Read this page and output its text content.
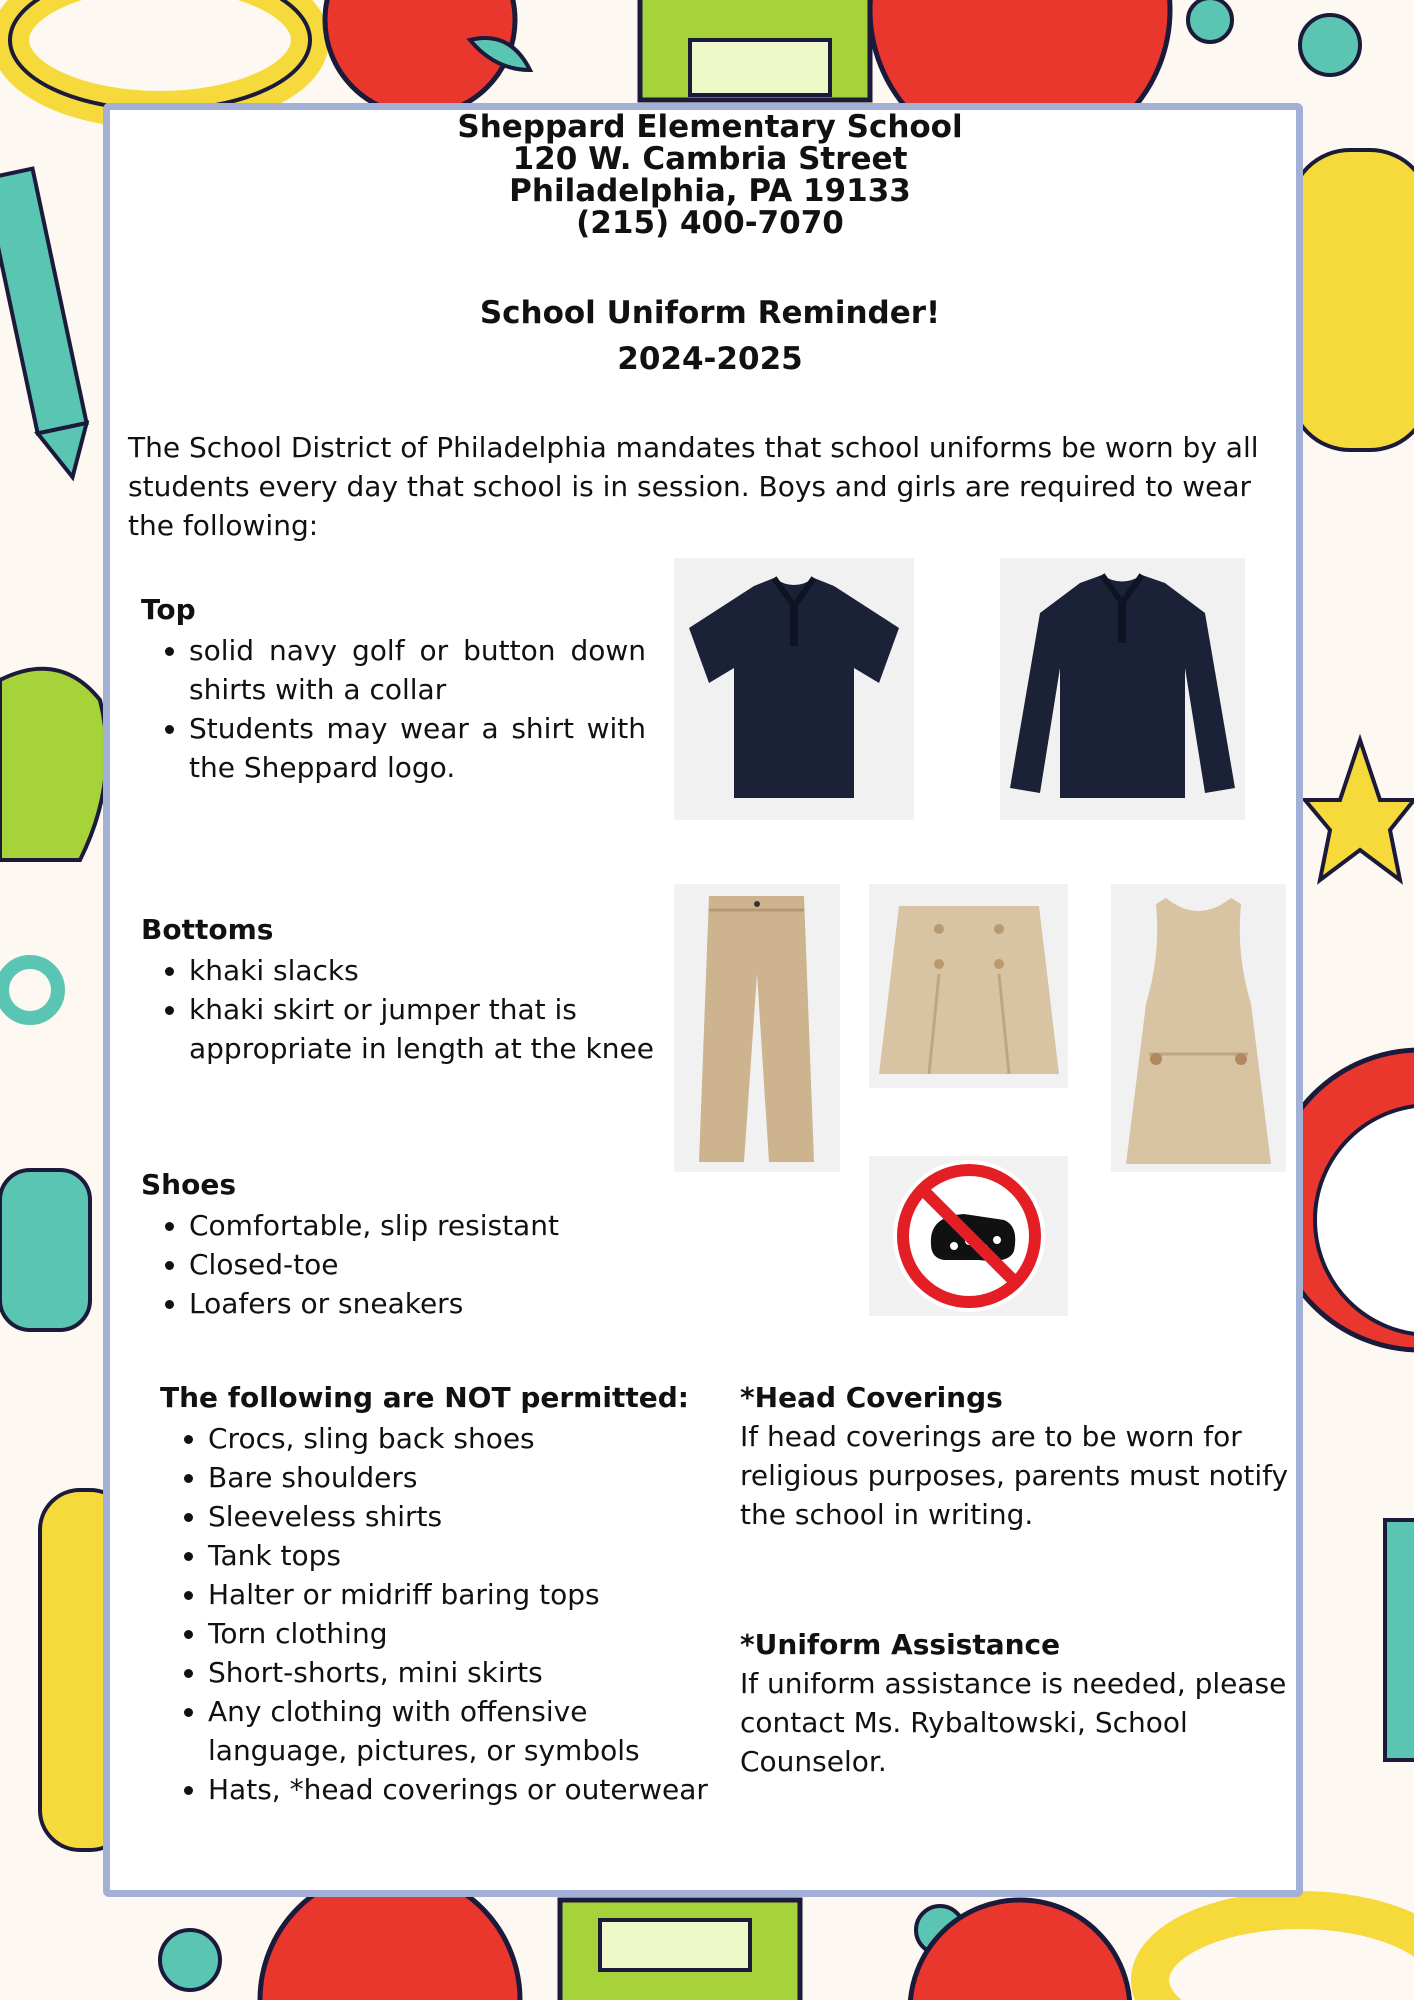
Sheppard Elementary School
120 W. Cambria Street
Philadelphia, PA 19133
(215) 400-7070
School Uniform Reminder!
2024-2025
The School District of Philadelphia mandates that school uniforms be worn by all students every day that school is in session. Boys and girls are required to wear the following:
Top
• solid navy golf or button down shirts with a collar
• Students may wear a shirt with the Sheppard logo.
Bottoms
• khaki slacks
• khaki skirt or jumper that is appropriate in length at the knee
Shoes
• Comfortable, slip resistant
• Closed-toe
• Loafers or sneakers
The following are NOT permitted:
• Crocs, sling back shoes
• Bare shoulders
• Sleeveless shirts
• Tank tops
• Halter or midriff baring tops
• Torn clothing
• Short-shorts, mini skirts
• Any clothing with offensive language, pictures, or symbols
• Hats, *head coverings or outerwear
*Head Coverings
If head coverings are to be worn for religious purposes, parents must notify the school in writing.
*Uniform Assistance
If uniform assistance is needed, please contact Ms. Rybaltowski, School Counselor.
